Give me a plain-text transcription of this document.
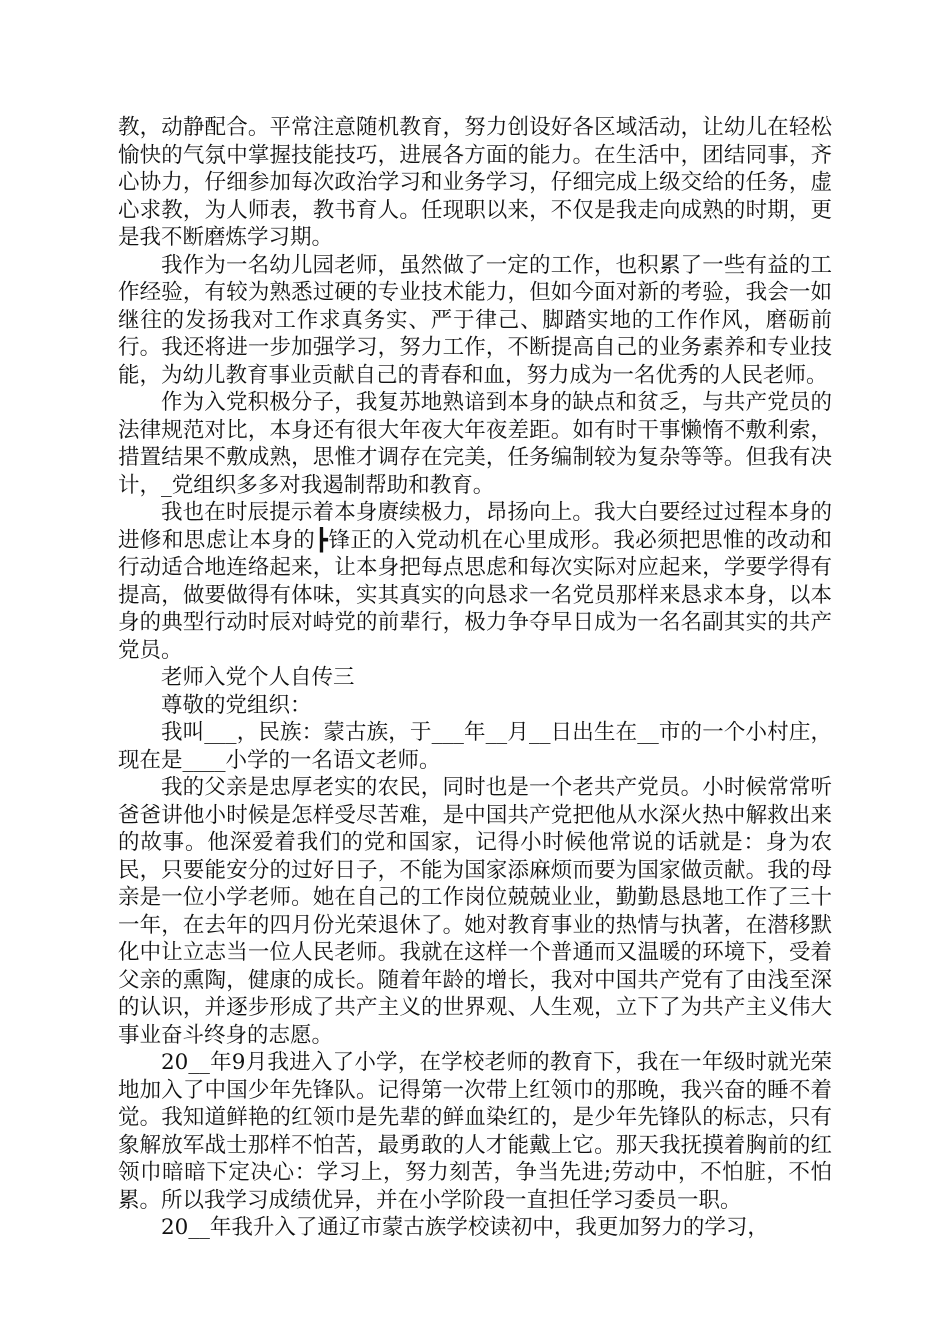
教，动静配合。平常注意随机教育，努力创设好各区域活动，让幼儿在轻松愉快的气氛中掌握技能技巧，进展各方面的能力。在生活中，团结同事，齐心协力，仔细参加每次政治学习和业务学习，仔细完成上级交给的任务，虚心求教，为人师表，教书育人。任现职以来，不仅是我走向成熟的时期，更是我不断磨炼学习期。

我作为一名幼儿园老师，虽然做了一定的工作，也积累了一些有益的工作经验，有较为熟悉过硬的专业技术能力，但如今面对新的考验，我会一如继往的发扬我对工作求真务实、严于律己、脚踏实地的工作作风，磨砺前行。我还将进一步加强学习，努力工作，不断提高自己的业务素养和专业技能，为幼儿教育事业贡献自己的青春和血，努力成为一名优秀的人民老师。

作为入党积极分子，我复苏地熟谙到本身的缺点和贫乏，与共产党员的法律规范对比，本身还有很大年夜大年夜差距。如有时干事懒惰不敷利索，措置结果不敷成熟，思惟才调存在完美，任务编制较为复杂等等。但我有决计，_党组织多多对我遏制帮助和教育。

我也在时辰提示着本身赓续极力，昂扬向上。我大白要经过过程本身的进修和思虑让本身的┣锋正的入党动机在心里成形。我必须把思惟的改动和行动适合地连络起来，让本身把每点思虑和每次实际对应起来，学要学得有提高，做要做得有体味，实其真实的向恳求一名党员那样来恳求本身，以本身的典型行动时辰对峙党的前辈行，极力争夺早日成为一名名副其实的共产党员。

老师入党个人自传三

尊敬的党组织：

我叫___，民族：蒙古族，于___年__月__日出生在__市的一个小村庄，现在是____小学的一名语文老师。

我的父亲是忠厚老实的农民，同时也是一个老共产党员。小时候常常听爸爸讲他小时候是怎样受尽苦难，是中国共产党把他从水深火热中解救出来的故事。他深爱着我们的党和国家，记得小时候他常说的话就是：身为农民，只要能安分的过好日子，不能为国家添麻烦而要为国家做贡献。我的母亲是一位小学老师。她在自己的工作岗位兢兢业业，勤勤恳恳地工作了三十一年，在去年的四月份光荣退休了。她对教育事业的热情与执著，在潜移默化中让立志当一位人民老师。我就在这样一个普通而又温暖的环境下，受着父亲的熏陶，健康的成长。随着年龄的增长，我对中国共产党有了由浅至深的认识，并逐步形成了共产主义的世界观、人生观，立下了为共产主义伟大事业奋斗终身的志愿。

20__年9月我进入了小学，在学校老师的教育下，我在一年级时就光荣地加入了中国少年先锋队。记得第一次带上红领巾的那晚，我兴奋的睡不着觉。我知道鲜艳的红领巾是先辈的鲜血染红的，是少年先锋队的标志，只有象解放军战士那样不怕苦，最勇敢的人才能戴上它。那天我抚摸着胸前的红领巾暗暗下定决心：学习上，努力刻苦，争当先进;劳动中，不怕脏，不怕累。所以我学习成绩优异，并在小学阶段一直担任学习委员一职。

20__年我升入了通辽市蒙古族学校读初中，我更加努力的学习，
